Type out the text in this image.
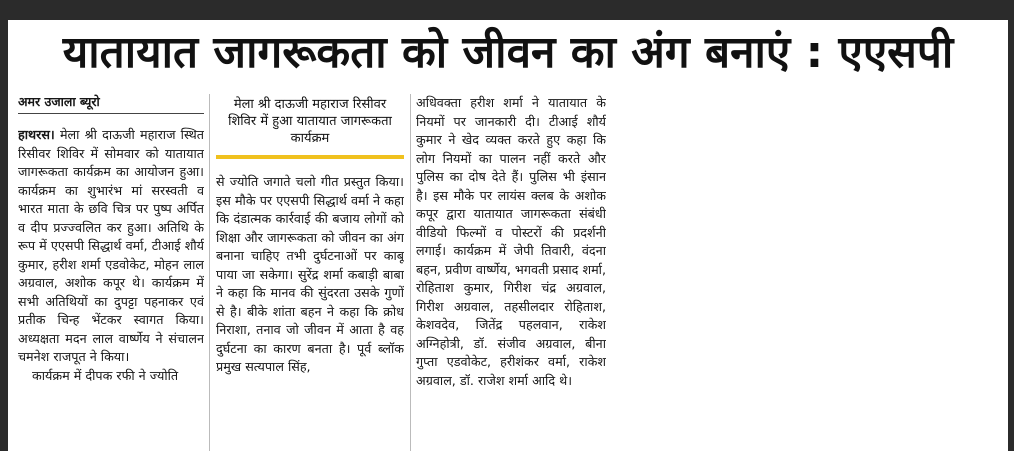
यातायात जागरूकता को जीवन का अंग बनाएं : एएसपी
अमर उजाला ब्यूरो

हाथरस। मेला श्री दाऊजी महाराज स्थित रिसीवर शिविर में सोमवार को यातायात जागरूकता कार्यक्रम का आयोजन हुआ। कार्यक्रम का शुभारंभ मां सरस्वती व भारत माता के छवि चित्र पर पुष्प अर्पित व दीप प्रज्ज्वलित कर हुआ। अतिथि के रूप में एएसपी सिद्धार्थ वर्मा, टीआई शौर्य कुमार, हरीश शर्मा एडवोकेट, मोहन लाल अग्रवाल, अशोक कपूर थे। कार्यक्रम में सभी अतिथियों का दुपट्टा पहनाकर एवं प्रतीक चिन्ह भेंटकर स्वागत किया। अध्यक्षता मदन लाल वार्ष्णेय ने संचालन चमनेश राजपूत ने किया।

कार्यक्रम में दीपक रफी ने ज्योति

मेला श्री दाऊजी महाराज रिसीवर शिविर में हुआ यातायात जागरूकता कार्यक्रम

से ज्योति जगाते चलो गीत प्रस्तुत किया। इस मौके पर एएसपी सिद्धार्थ वर्मा ने कहा कि दंडात्मक कार्रवाई की बजाय लोगों को शिक्षा और जागरूकता को जीवन का अंग बनाना चाहिए तभी दुर्घटनाओं पर काबू पाया जा सकेगा। सुरेंद्र शर्मा कबाड़ी बाबा ने कहा कि मानव की सुंदरता उसके गुणों से है। बीके शांता बहन ने कहा कि क्रोध निराशा, तनाव जो जीवन में आता है वह दुर्घटना का कारण बनता है। पूर्व ब्लॉक प्रमुख सत्यपाल सिंह,

अधिवक्ता हरीश शर्मा ने यातायात के नियमों पर जानकारी दी। टीआई शौर्य कुमार ने खेद व्यक्त करते हुए कहा कि लोग नियमों का पालन नहीं करते और पुलिस का दोष देते हैं। पुलिस भी इंसान है। इस मौके पर लायंस क्लब के अशोक कपूर द्वारा यातायात जागरूकता संबंधी वीडियो फिल्मों व पोस्टरों की प्रदर्शनी लगाई। कार्यक्रम में जेपी तिवारी, वंदना बहन, प्रवीण वार्ष्णेय, भगवती प्रसाद शर्मा, रोहिताश कुमार, गिरीश चंद्र अग्रवाल, गिरीश अग्रवाल, तहसीलदार रोहिताश, केशवदेव, जितेंद्र पहलवान, राकेश अग्निहोत्री, डॉ. संजीव अग्रवाल, बीना गुप्ता एडवोकेट, हरीशंकर वर्मा, राकेश अग्रवाल, डॉ. राजेश शर्मा आदि थे।
